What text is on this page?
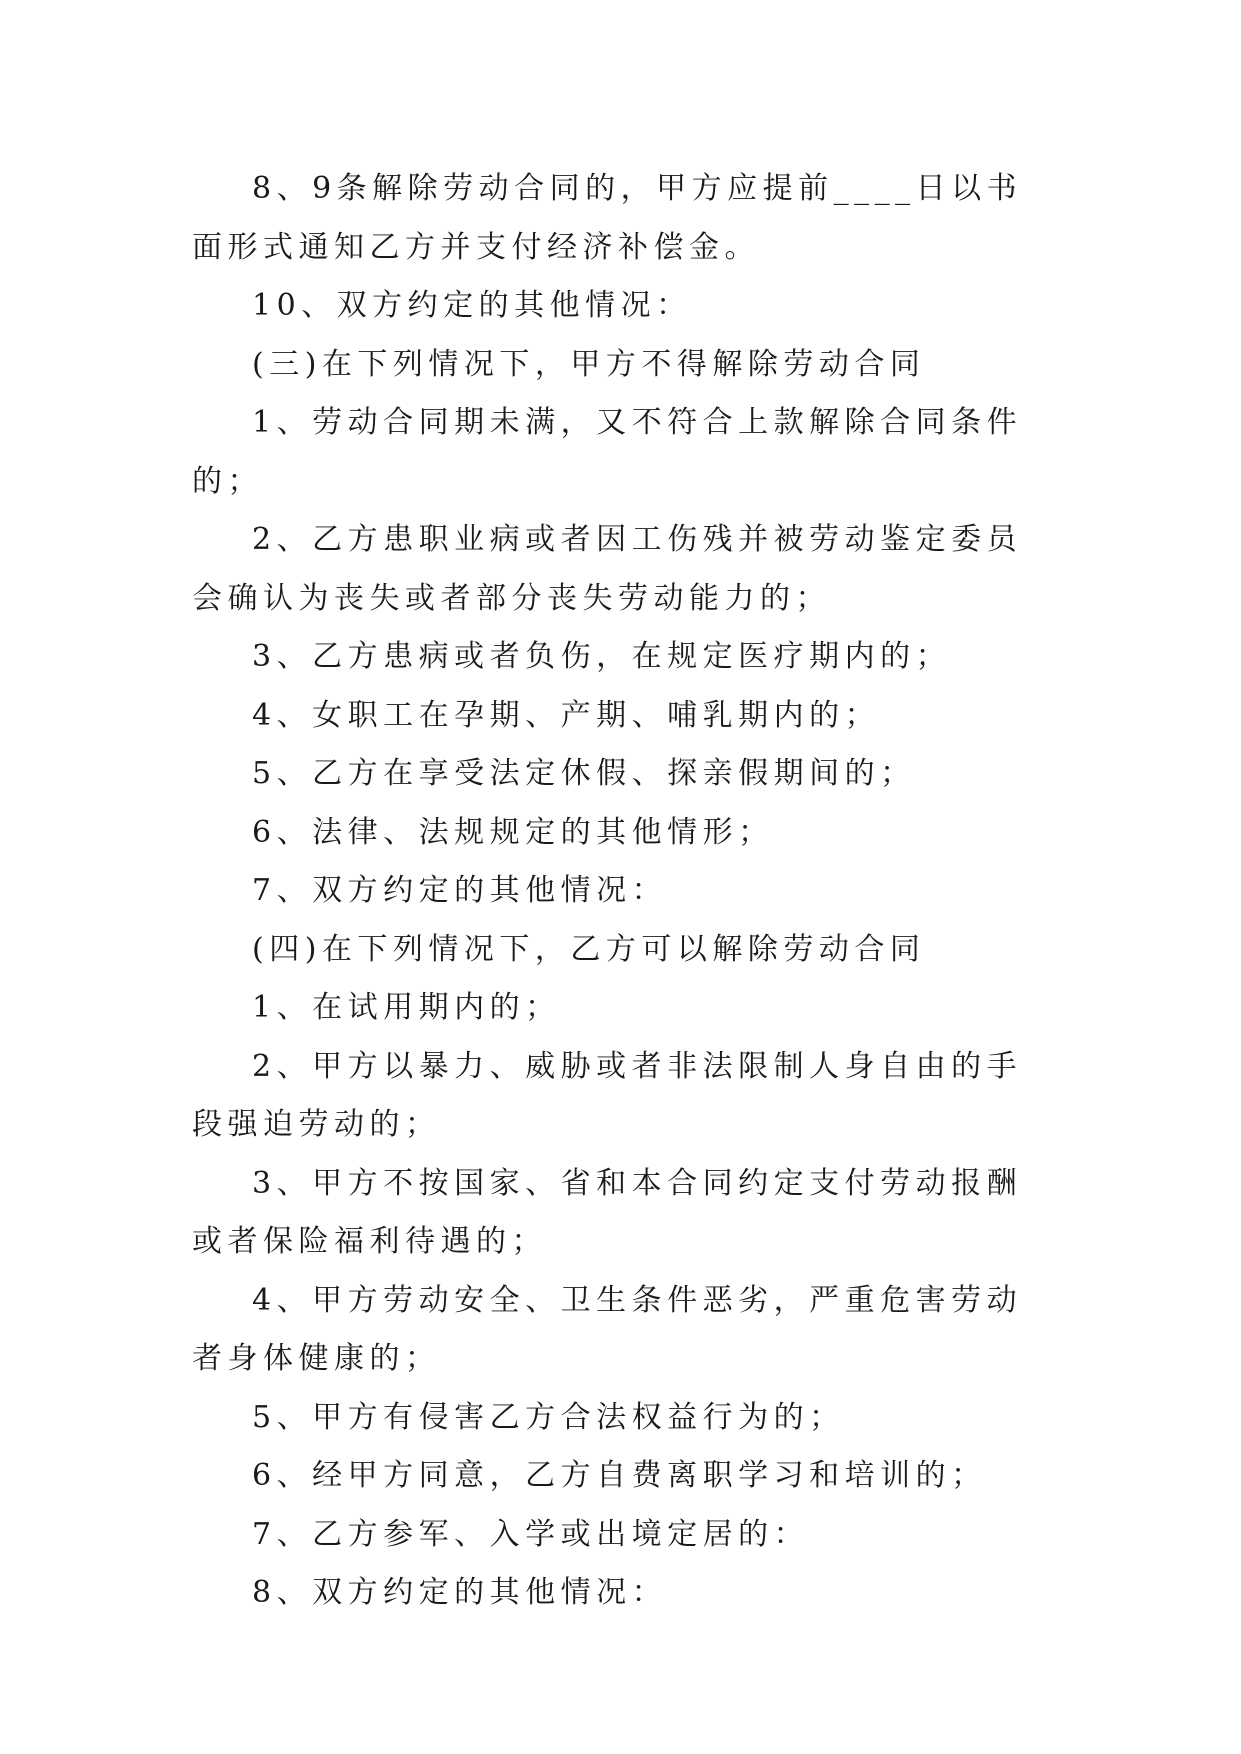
8、9条解除劳动合同的，甲方应提前____日以书面形式通知乙方并支付经济补偿金。

10、双方约定的其他情况：

(三)在下列情况下，甲方不得解除劳动合同

1、劳动合同期未满，又不符合上款解除合同条件的；

2、乙方患职业病或者因工伤残并被劳动鉴定委员会确认为丧失或者部分丧失劳动能力的；

3、乙方患病或者负伤，在规定医疗期内的；

4、女职工在孕期、产期、哺乳期内的；

5、乙方在享受法定休假、探亲假期间的；

6、法律、法规规定的其他情形；

7、双方约定的其他情况：

(四)在下列情况下，乙方可以解除劳动合同

1、在试用期内的；

2、甲方以暴力、威胁或者非法限制人身自由的手段强迫劳动的；

3、甲方不按国家、省和本合同约定支付劳动报酬或者保险福利待遇的；

4、甲方劳动安全、卫生条件恶劣，严重危害劳动者身体健康的；

5、甲方有侵害乙方合法权益行为的；

6、经甲方同意，乙方自费离职学习和培训的；

7、乙方参军、入学或出境定居的：

8、双方约定的其他情况：
